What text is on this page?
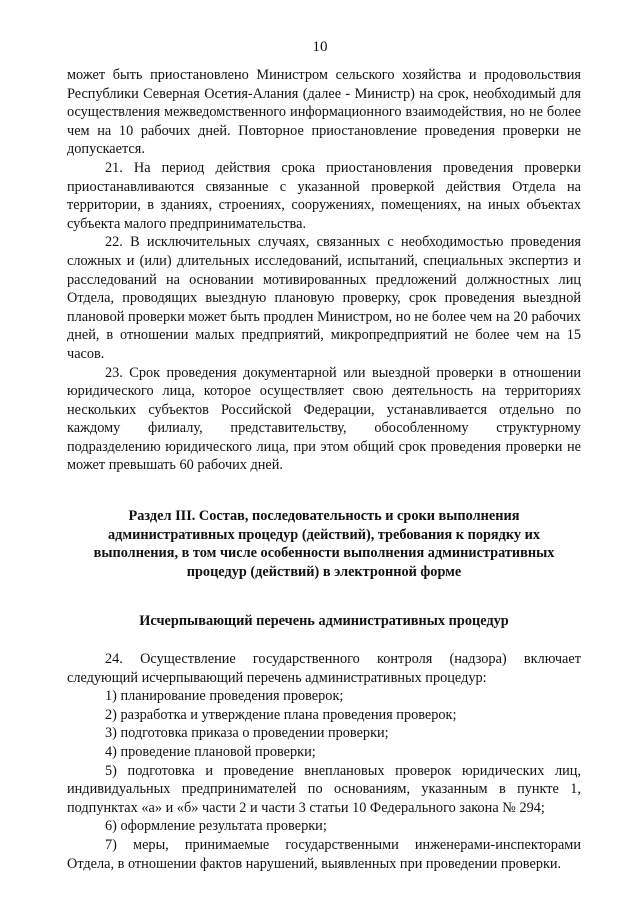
10

может быть приостановлено Министром сельского хозяйства и продовольствия Республики Северная Осетия-Алания (далее - Министр) на срок, необходимый для осуществления межведомственного информационного взаимодействия, но не более чем на 10 рабочих дней. Повторное приостановление проведения проверки не допускается.

21. На период действия срока приостановления проведения проверки приостанавливаются связанные с указанной проверкой действия Отдела на территории, в зданиях, строениях, сооружениях, помещениях, на иных объектах субъекта малого предпринимательства.

22. В исключительных случаях, связанных с необходимостью проведения сложных и (или) длительных исследований, испытаний, специальных экспертиз и расследований на основании мотивированных предложений должностных лиц Отдела, проводящих выездную плановую проверку, срок проведения выездной плановой проверки может быть продлен Министром, но не более чем на 20 рабочих дней, в отношении малых предприятий, микропредприятий не более чем на 15 часов.

23. Срок проведения документарной или выездной проверки в отношении юридического лица, которое осуществляет свою деятельность на территориях нескольких субъектов Российской Федерации, устанавливается отдельно по каждому филиалу, представительству, обособленному структурному подразделению юридического лица, при этом общий срок проведения проверки не может превышать 60 рабочих дней.

Раздел III. Состав, последовательность и сроки выполнения административных процедур (действий), требования к порядку их выполнения, в том числе особенности выполнения административных процедур (действий) в электронной форме

Исчерпывающий перечень административных процедур

24. Осуществление государственного контроля (надзора) включает следующий исчерпывающий перечень административных процедур:

1) планирование проведения проверок;

2) разработка и утверждение плана проведения проверок;

3) подготовка приказа о проведении проверки;

4) проведение плановой проверки;

5) подготовка и проведение внеплановых проверок юридических лиц, индивидуальных предпринимателей по основаниям, указанным в пункте 1, подпунктах «а» и «б» части 2 и части 3 статьи 10 Федерального закона № 294;

6) оформление результата проверки;

7) меры, принимаемые государственными инженерами-инспекторами Отдела, в отношении фактов нарушений, выявленных при проведении проверки.
